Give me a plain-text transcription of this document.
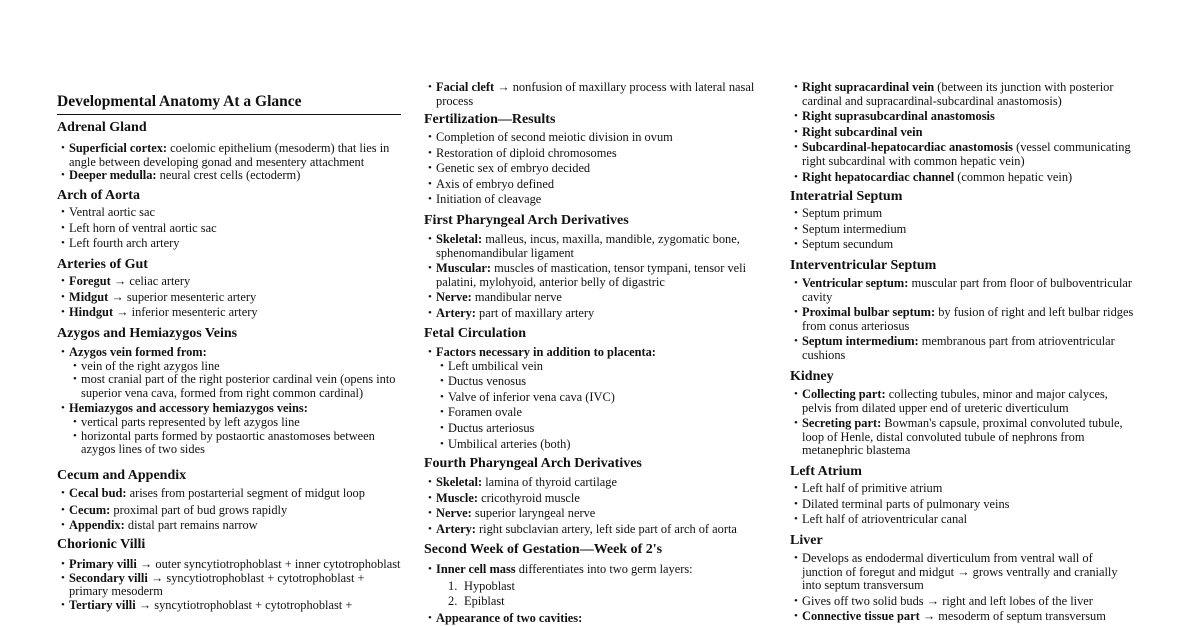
Developmental Anatomy At a Glance
Adrenal Gland
• Superficial cortex: coelomic epithelium (mesoderm) that lies in angle between developing gonad and mesentery attachment
• Deeper medulla: neural crest cells (ectoderm)
Arch of Aorta
• Ventral aortic sac
• Left horn of ventral aortic sac
• Left fourth arch artery
Arteries of Gut
• Foregut → celiac artery
• Midgut → superior mesenteric artery
• Hindgut → inferior mesenteric artery
Azygos and Hemiazygos Veins
• Azygos vein formed from:
• vein of the right azygos line
• most cranial part of the right posterior cardinal vein (opens into superior vena cava, formed from right common cardinal)
• Hemiazygos and accessory hemiazygos veins:
• vertical parts represented by left azygos line
• horizontal parts formed by postaortic anastomoses between azygos lines of two sides
Cecum and Appendix
• Cecal bud: arises from postarterial segment of midgut loop
• Cecum: proximal part of bud grows rapidly
• Appendix: distal part remains narrow
Chorionic Villi
• Primary villi → outer syncytiotrophoblast + inner cytotrophoblast
• Secondary villi → syncytiotrophoblast + cytotrophoblast + primary mesoderm
• Tertiary villi → syncytiotrophoblast + cytotrophoblast +
• Facial cleft → nonfusion of maxillary process with lateral nasal process
Fertilization—Results
• Completion of second meiotic division in ovum
• Restoration of diploid chromosomes
• Genetic sex of embryo decided
• Axis of embryo defined
• Initiation of cleavage
First Pharyngeal Arch Derivatives
• Skeletal: malleus, incus, maxilla, mandible, zygomatic bone, sphenomandibular ligament
• Muscular: muscles of mastication, tensor tympani, tensor veli palatini, mylohyoid, anterior belly of digastric
• Nerve: mandibular nerve
• Artery: part of maxillary artery
Fetal Circulation
• Factors necessary in addition to placenta:
• Left umbilical vein
• Ductus venosus
• Valve of inferior vena cava (IVC)
• Foramen ovale
• Ductus arteriosus
• Umbilical arteries (both)
Fourth Pharyngeal Arch Derivatives
• Skeletal: lamina of thyroid cartilage
• Muscle: cricothyroid muscle
• Nerve: superior laryngeal nerve
• Artery: right subclavian artery, left side part of arch of aorta
Second Week of Gestation—Week of 2's
• Inner cell mass differentiates into two germ layers:
1. Hypoblast
2. Epiblast
• Appearance of two cavities:
• Right supracardinal vein (between its junction with posterior cardinal and supracardinal-subcardinal anastomosis)
• Right suprasubcardinal anastomosis
• Right subcardinal vein
• Subcardinal-hepatocardiac anastomosis (vessel communicating right subcardinal with common hepatic vein)
• Right hepatocardiac channel (common hepatic vein)
Interatrial Septum
• Septum primum
• Septum intermedium
• Septum secundum
Interventricular Septum
• Ventricular septum: muscular part from floor of bulboventricular cavity
• Proximal bulbar septum: by fusion of right and left bulbar ridges from conus arteriosus
• Septum intermedium: membranous part from atrioventricular cushions
Kidney
• Collecting part: collecting tubules, minor and major calyces, pelvis from dilated upper end of ureteric diverticulum
• Secreting part: Bowman's capsule, proximal convoluted tubule, loop of Henle, distal convoluted tubule of nephrons from metanephric blastema
Left Atrium
• Left half of primitive atrium
• Dilated terminal parts of pulmonary veins
• Left half of atrioventricular canal
Liver
• Develops as endodermal diverticulum from ventral wall of junction of foregut and midgut → grows ventrally and cranially into septum transversum
• Gives off two solid buds → right and left lobes of the liver
• Connective tissue part → mesoderm of septum transversum
